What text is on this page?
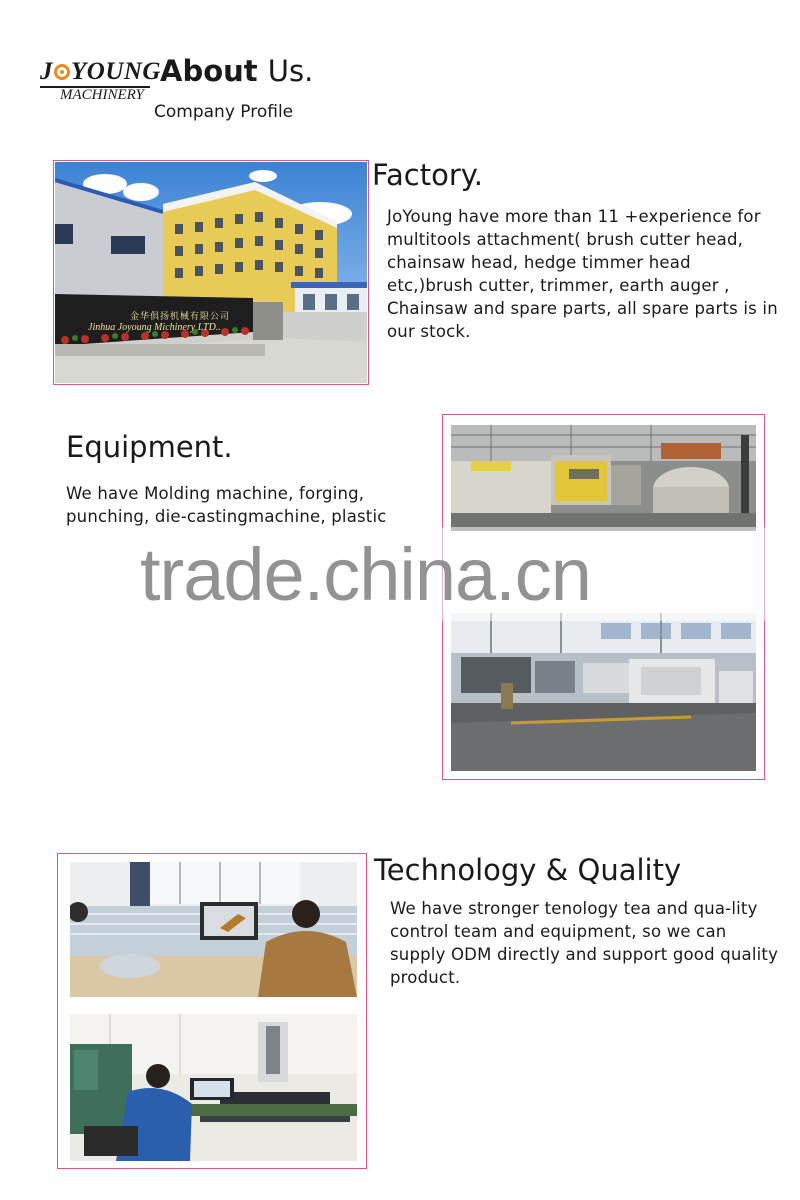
J YOUNG
MACHINERY
About Us.
Company Profile
金华俱扬机械有限公司
Jinhua Joyoung Michinery LTD..
Factory.
JoYoung have more than 11 +experience for multitools attachment( brush cutter head, chainsaw head, hedge timmer head etc,)brush cutter, trimmer, earth auger , Chainsaw and spare parts, all spare parts is in our stock.
Equipment.
We have Molding machine, forging, punching, die-castingmachine, plastic
trade.china.cn
Technology & Quality
We have stronger tenology tea and qua-lity control team and equipment, so we can supply ODM directly and support good quality product.
